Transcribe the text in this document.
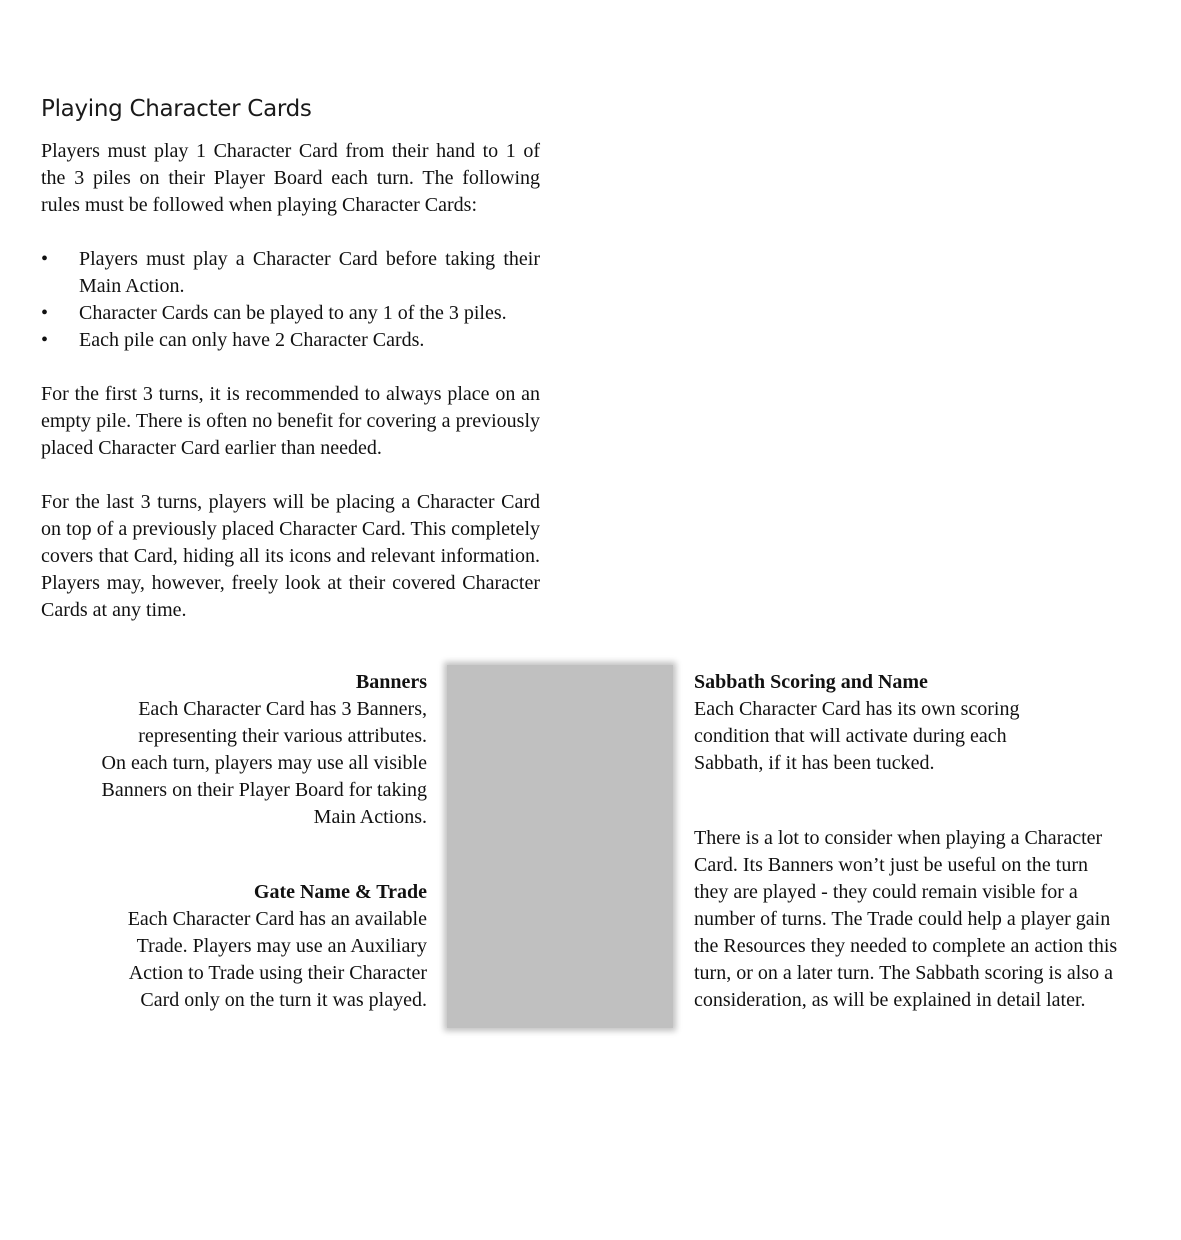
Playing Character Cards

Players must play 1 Character Card from their hand to 1 of the 3 piles on their Player Board each turn. The following rules must be followed when playing Character Cards:

• Players must play a Character Card before taking their Main Action.
• Character Cards can be played to any 1 of the 3 piles.
• Each pile can only have 2 Character Cards.

For the first 3 turns, it is recommended to always place on an empty pile. There is often no benefit for covering a previously placed Character Card earlier than needed.

For the last 3 turns, players will be placing a Character Card on top of a previously placed Character Card. This completely covers that Card, hiding all its icons and relevant information. Players may, however, freely look at their covered Character Cards at any time.

Banners
Each Character Card has 3 Banners,
representing their various attributes.
On each turn, players may use all visible
Banners on their Player Board for taking
Main Actions.
Gate Name & Trade
Each Character Card has an available
Trade. Players may use an Auxiliary
Action to Trade using their Character
Card only on the turn it was played.
Sabbath Scoring and Name
Each Character Card has its own scoring
condition that will activate during each
Sabbath, if it has been tucked.
There is a lot to consider when playing a Character
Card. Its Banners won’t just be useful on the turn
they are played - they could remain visible for a
number of turns. The Trade could help a player gain
the Resources they needed to complete an action this
turn, or on a later turn. The Sabbath scoring is also a
consideration, as will be explained in detail later.
